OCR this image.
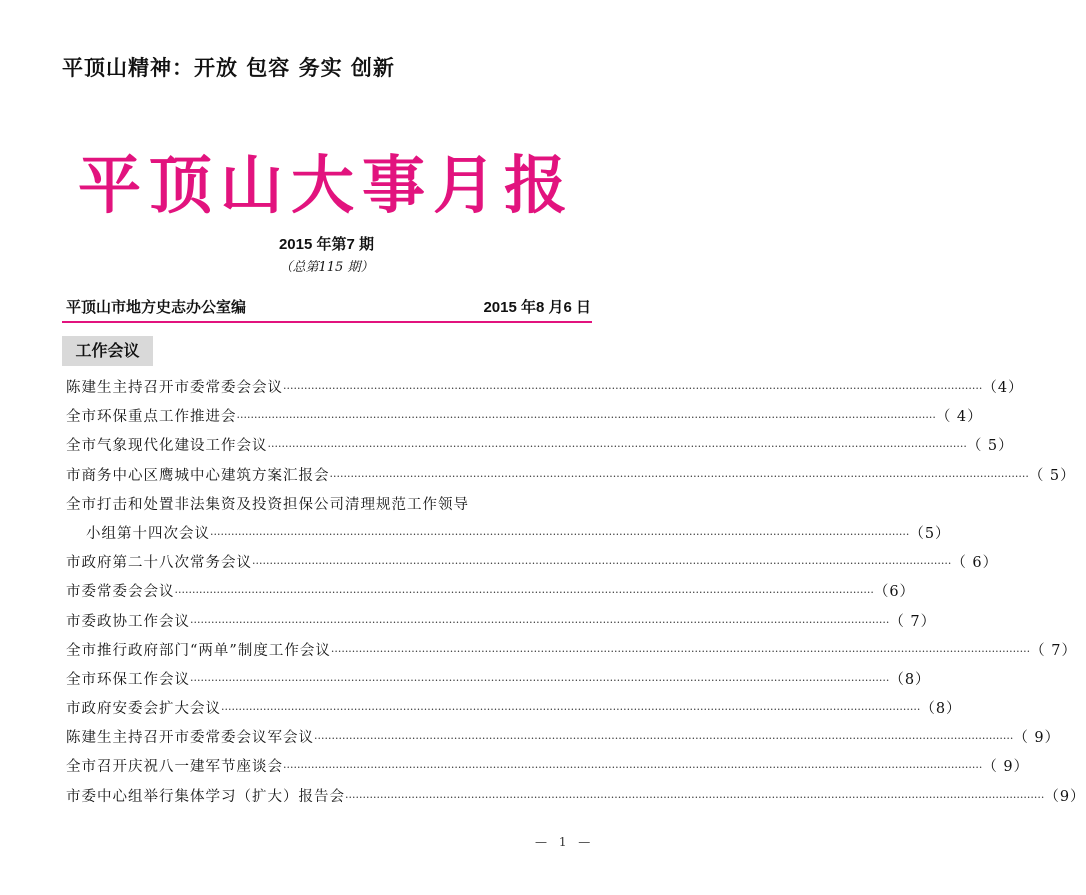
平顶山精神：开放 包容 务实 创新
平顶山大事月报
2015 年第7 期
（总第115 期）
平顶山市地方史志办公室编	2015 年8 月6 日
工作会议
陈建生主持召开市委常委会会议 ········································································································································································································ （4）
全市环保重点工作推进会 ········································································································································································································ （ 4）
全市气象现代化建设工作会议 ········································································································································································································ （ 5）
市商务中心区鹰城中心建筑方案汇报会 ········································································································································································································ （ 5）
全市打击和处置非法集资及投资担保公司清理规范工作领导
小组第十四次会议 ········································································································································································································ （5）
市政府第二十八次常务会议 ········································································································································································································ （ 6）
市委常委会会议 ········································································································································································································ （6）
市委政协工作会议 ········································································································································································································ （ 7）
全市推行政府部门“两单”制度工作会议 ········································································································································································································ （ 7）
全市环保工作会议 ········································································································································································································ （8）
市政府安委会扩大会议 ········································································································································································································ （8）
陈建生主持召开市委常委会议军会议 ········································································································································································································ （ 9）
全市召开庆祝八一建军节座谈会 ········································································································································································································ （ 9）
市委中心组举行集体学习（扩大）报告会 ········································································································································································································ （9）
— 1 —
